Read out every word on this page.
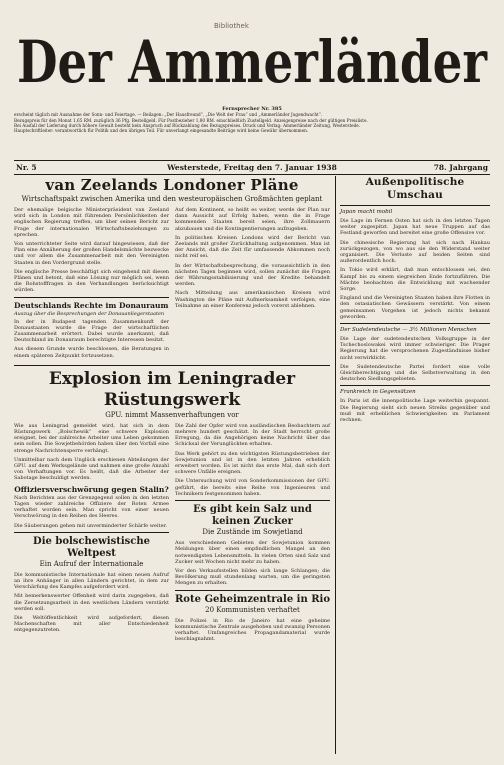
Bibliothek
Der Ammerländer
Fernsprecher Nr. 385
erscheint täglich mit Ausnahme der Sonn- und Feiertage. — Beilagen: „Der Hausfreund“, „Die Welt der Frau“ und „Ammerländer Jugendwacht“.
Bezugspreis für den Monat 1,65 RM. zuzüglich 36 Pfg. Bestellgeld. Für Postbezieher 1,80 RM. einschließlich Zustellgeld. Anzeigenpreise nach der gültigen Preisliste.
Bei Ausfall der Lieferung durch höhere Gewalt besteht kein Anspruch auf Rückzahlung des Bezugspreises. Druck und Verlag: Ammerländer Zeitung, Westerstede.
Hauptschriftleiter: verantwortlich für Politik und den übrigen Teil. Für unverlangt eingesandte Beiträge wird keine Gewähr übernommen.
Nr. 5	Westerstede, Freitag den 7. Januar 1938	78. Jahrgang
van Zeelands Londoner Pläne
Wirtschaftspakt zwischen Amerika und den westeuropäischen Großmächten geplant

Der ehemalige belgische Ministerpräsident van Zeeland wird sich in London mit führenden Persönlichkeiten der englischen Regierung treffen, um über seinen Bericht zur Frage der internationalen Wirtschaftsbeziehungen zu sprechen.

Von unterrichteter Seite wird darauf hingewiesen, daß der Plan eine Annäherung der großen Handelsmächte bezwecke und vor allem die Zusammenarbeit mit den Vereinigten Staaten in den Vordergrund stelle.

Die englische Presse beschäftigt sich eingehend mit diesen Plänen und betont, daß eine Lösung nur möglich sei, wenn die Rohstofffragen in den Verhandlungen berücksichtigt würden.

Deutschlands Rechte im Donauraum
Auszug über die Besprechungen der Donauanliegerstaaten

In der in Budapest tagenden Zusammenkunft der Donaustaaten wurde die Frage der wirtschaftlichen Zusammenarbeit erörtert. Dabei wurde anerkannt, daß Deutschland im Donauraum berechtigte Interessen besitzt.

Aus diesem Grunde wurde beschlossen, die Beratungen in einem späteren Zeitpunkt fortzusetzen.

Auf dem Kontinent, so heißt es weiter, werde der Plan nur dann Aussicht auf Erfolg haben, wenn die in Frage kommenden Staaten bereit seien, ihre Zollmauern abzubauen und die Kontingentierungen aufzugeben.

In politischen Kreisen Londons wird der Bericht van Zeelands mit großer Zurückhaltung aufgenommen. Man ist der Ansicht, daß die Zeit für umfassende Abkommen noch nicht reif sei.

In der Wirtschaftsbesprechung, die voraussichtlich in den nächsten Tagen beginnen wird, sollen zunächst die Fragen der Währungsstabilisierung und der Kredite behandelt werden.

Nach Mitteilung aus amerikanischen Kreisen wird Washington die Pläne mit Aufmerksamkeit verfolgen, eine Teilnahme an einer Konferenz jedoch vorerst ablehnen.

Explosion im Leningrader Rüstungswerk
GPU. nimmt Massenverhaftungen vor

Wie aus Leningrad gemeldet wird, hat sich in dem Rüstungswerk „Bolschewik“ eine schwere Explosion ereignet, bei der zahlreiche Arbeiter ums Leben gekommen sein sollen. Die Sowjetbehörden haben über den Vorfall eine strenge Nachrichtensperre verhängt.

Unmittelbar nach dem Unglück erschienen Abteilungen der GPU. auf dem Werksgelände und nahmen eine große Anzahl von Verhaftungen vor. Es heißt, daß die Arbeiter der Sabotage beschuldigt werden.

Offiziersverschwörung gegen Stalin?

Nach Berichten aus der Grenzgegend sollen in den letzten Tagen wieder zahlreiche Offiziere der Roten Armee verhaftet worden sein. Man spricht von einer neuen Verschwörung in den Reihen des Heeres.

Die Säuberungen gehen mit unverminderter Schärfe weiter.

Die bolschewistische Weltpest
Ein Aufruf der Internationale

Die kommunistische Internationale hat einen neuen Aufruf an ihre Anhänger in allen Ländern gerichtet, in dem zur Verschärfung des Kampfes aufgefordert wird.

Mit bemerkenswerter Offenheit wird darin zugegeben, daß die Zersetzungsarbeit in den westlichen Ländern verstärkt werden soll.

Die Weltöffentlichkeit wird aufgefordert, diesen Machenschaften mit aller Entschiedenheit entgegenzutreten.

Die Zahl der Opfer wird von ausländischen Beobachtern auf mehrere hundert geschätzt. In der Stadt herrscht große Erregung, da die Angehörigen keine Nachricht über das Schicksal der Verunglückten erhalten.

Das Werk gehört zu den wichtigsten Rüstungsbetrieben der Sowjetunion und ist in den letzten Jahren erheblich erweitert worden. Es ist nicht das erste Mal, daß sich dort schwere Unfälle ereignen.

Die Untersuchung wird von Sonderkommissionen der GPU. geführt, die bereits eine Reihe von Ingenieuren und Technikern festgenommen haben.

Es gibt kein Salz und keinen Zucker
Die Zustände im Sowjetland

Aus verschiedenen Gebieten der Sowjetunion kommen Meldungen über einen empfindlichen Mangel an den notwendigsten Lebensmitteln. In vielen Orten sind Salz und Zucker seit Wochen nicht mehr zu haben.

Vor den Verkaufsstellen bilden sich lange Schlangen; die Bevölkerung muß stundenlang warten, um die geringsten Mengen zu erhalten.

Rote Geheimzentrale in Rio
20 Kommunisten verhaftet

Die Polizei in Rio de Janeiro hat eine geheime kommunistische Zentrale ausgehoben und zwanzig Personen verhaftet. Umfangreiches Propagandamaterial wurde beschlagnahmt.

Außenpolitische Umschau
Japan macht mobil

Die Lage im Fernen Osten hat sich in den letzten Tagen weiter zugespitzt. Japan hat neue Truppen auf das Festland geworfen und bereitet eine große Offensive vor.

Die chinesische Regierung hat sich nach Hankau zurückgezogen, von wo aus sie den Widerstand weiter organisiert. Die Verluste auf beiden Seiten sind außerordentlich hoch.

In Tokio wird erklärt, daß man entschlossen sei, den Kampf bis zu einem siegreichen Ende fortzuführen. Die Mächte beobachten die Entwicklung mit wachsender Sorge.

England und die Vereinigten Staaten haben ihre Flotten in den ostasiatischen Gewässern verstärkt. Von einem gemeinsamen Vorgehen ist jedoch nichts bekannt geworden.

Der Sudetendeutsche — 3½ Millionen Menschen

Die Lage der sudetendeutschen Volksgruppe in der Tschechoslowakei wird immer schwieriger. Die Prager Regierung hat die versprochenen Zugeständnisse bisher nicht verwirklicht.

Die Sudetendeutsche Partei fordert eine volle Gleichberechtigung und die Selbstverwaltung in den deutschen Siedlungsgebieten.

Frankreich in Gegensätzen

In Paris ist die innenpolitische Lage weiterhin gespannt. Die Regierung sieht sich neuen Streiks gegenüber und muß mit erheblichen Schwierigkeiten im Parlament rechnen.
